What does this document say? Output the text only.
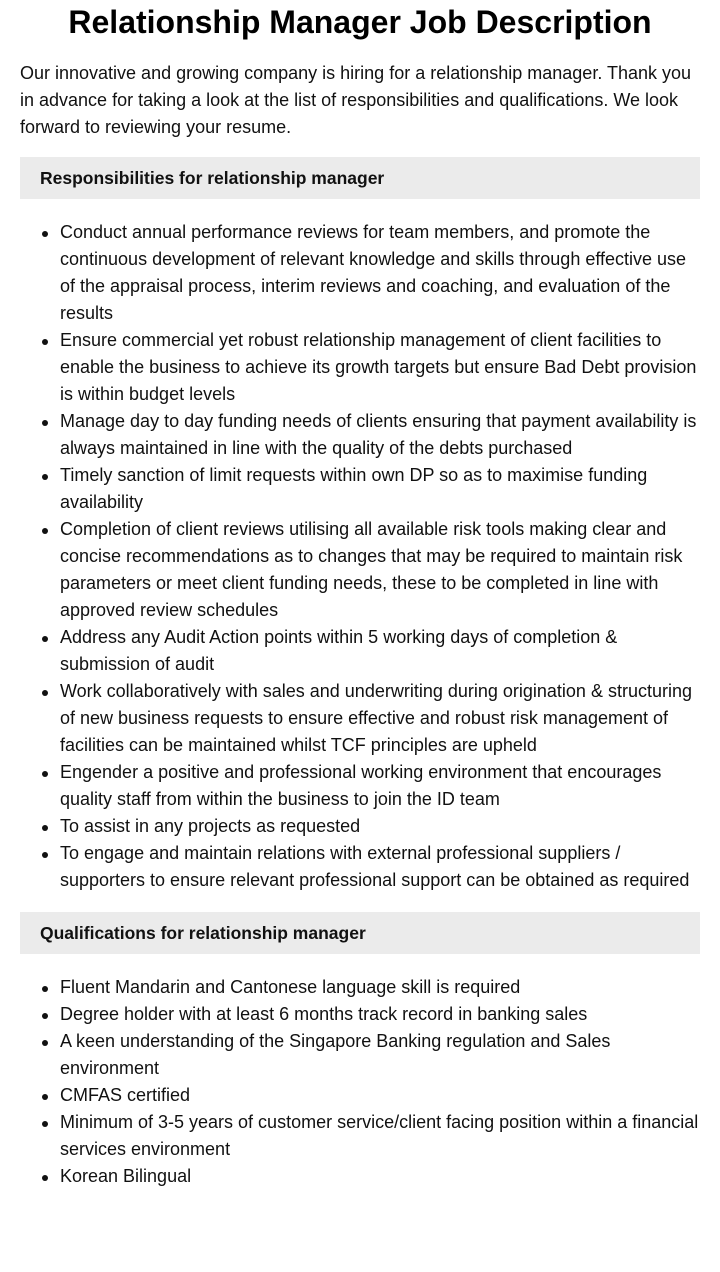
Relationship Manager Job Description

Our innovative and growing company is hiring for a relationship manager. Thank you in advance for taking a look at the list of responsibilities and qualifications. We look forward to reviewing your resume.

Responsibilities for relationship manager
Conduct annual performance reviews for team members, and promote the continuous development of relevant knowledge and skills through effective use of the appraisal process, interim reviews and coaching, and evaluation of the results
Ensure commercial yet robust relationship management of client facilities to enable the business to achieve its growth targets but ensure Bad Debt provision is within budget levels
Manage day to day funding needs of clients ensuring that payment availability is always maintained in line with the quality of the debts purchased
Timely sanction of limit requests within own DP so as to maximise funding availability
Completion of client reviews utilising all available risk tools making clear and concise recommendations as to changes that may be required to maintain risk parameters or meet client funding needs, these to be completed in line with approved review schedules
Address any Audit Action points within 5 working days of completion & submission of audit
Work collaboratively with sales and underwriting during origination & structuring of new business requests to ensure effective and robust risk management of facilities can be maintained whilst TCF principles are upheld
Engender a positive and professional working environment that encourages quality staff from within the business to join the ID team
To assist in any projects as requested
To engage and maintain relations with external professional suppliers / supporters to ensure relevant professional support can be obtained as required
Qualifications for relationship manager
Fluent Mandarin and Cantonese language skill is required
Degree holder with at least 6 months track record in banking sales
A keen understanding of the Singapore Banking regulation and Sales environment
CMFAS certified
Minimum of 3-5 years of customer service/client facing position within a financial services environment
Korean Bilingual
